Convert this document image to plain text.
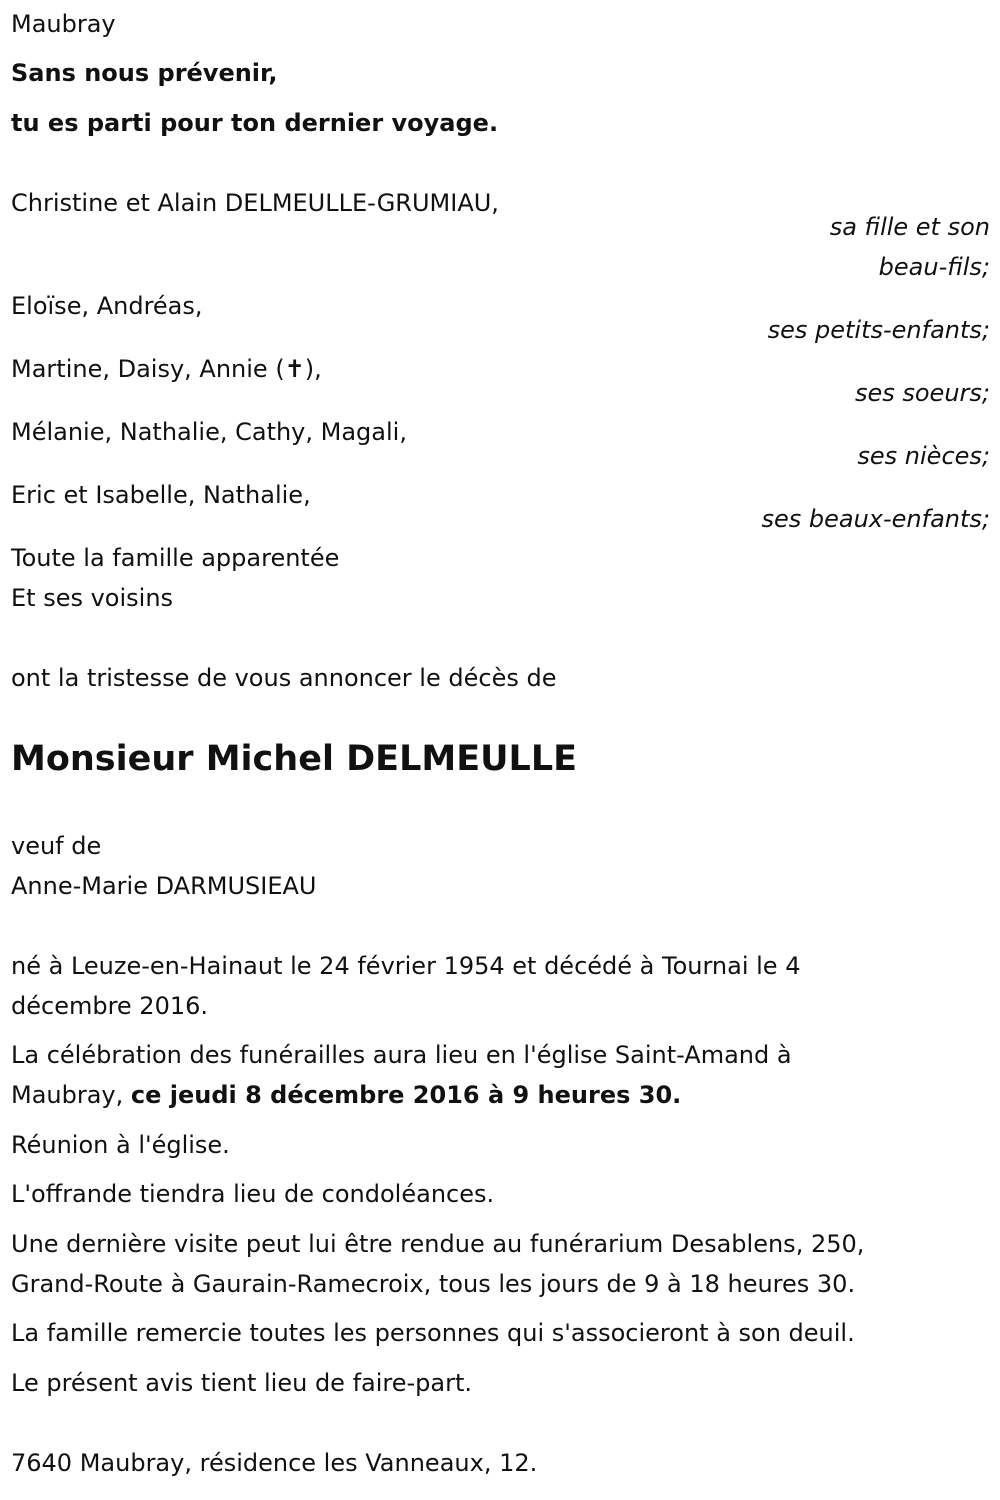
Maubray
Sans nous prévenir,
tu es parti pour ton dernier voyage.
Christine et Alain DELMEULLE-GRUMIAU,
sa fille et son
beau-fils;
Eloïse, Andréas,
ses petits-enfants;
Martine, Daisy, Annie (✝),
ses soeurs;
Mélanie, Nathalie, Cathy, Magali,
ses nièces;
Eric et Isabelle, Nathalie,
ses beaux-enfants;
Toute la famille apparentée
Et ses voisins
ont la tristesse de vous annoncer le décès de
Monsieur Michel DELMEULLE
veuf de
Anne-Marie DARMUSIEAU
né à Leuze-en-Hainaut le 24 février 1954 et décédé à Tournai le 4
décembre 2016.
La célébration des funérailles aura lieu en l'église Saint-Amand à
Maubray, ce jeudi 8 décembre 2016 à 9 heures 30.
Réunion à l'église.
L'offrande tiendra lieu de condoléances.
Une dernière visite peut lui être rendue au funérarium Desablens, 250,
Grand-Route à Gaurain-Ramecroix, tous les jours de 9 à 18 heures 30.
La famille remercie toutes les personnes qui s'associeront à son deuil.
Le présent avis tient lieu de faire-part.
7640 Maubray, résidence les Vanneaux, 12.
